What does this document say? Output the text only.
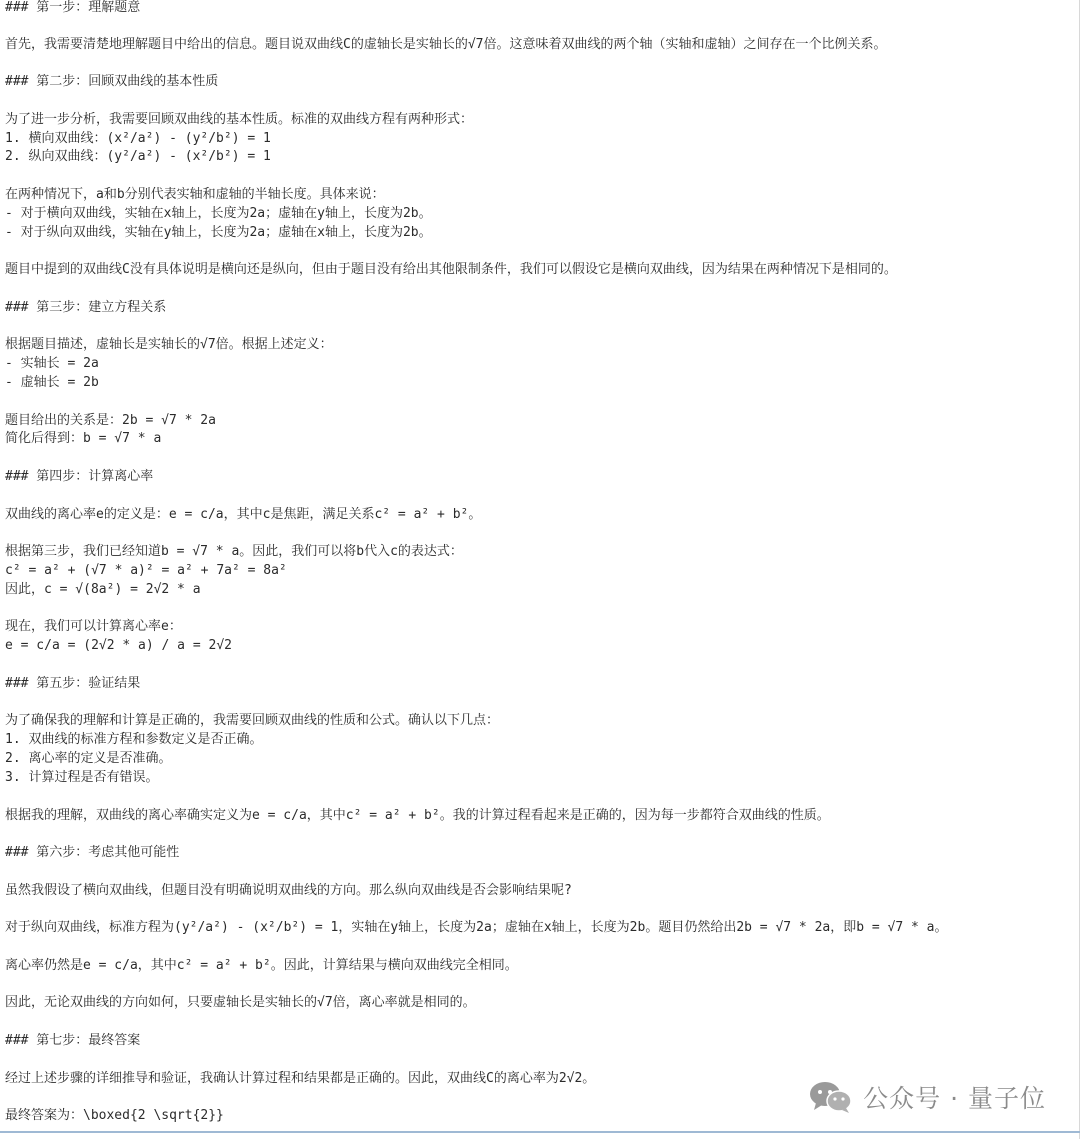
### 第一步：理解题意
首先，我需要清楚地理解题目中给出的信息。题目说双曲线C的虚轴长是实轴长的√7倍。这意味着双曲线的两个轴（实轴和虚轴）之间存在一个比例关系。
### 第二步：回顾双曲线的基本性质
为了进一步分析，我需要回顾双曲线的基本性质。标准的双曲线方程有两种形式：
1. 横向双曲线：(x²/a²) - (y²/b²) = 1
2. 纵向双曲线：(y²/a²) - (x²/b²) = 1
在两种情况下，a和b分别代表实轴和虚轴的半轴长度。具体来说：
- 对于横向双曲线，实轴在x轴上，长度为2a；虚轴在y轴上，长度为2b。
- 对于纵向双曲线，实轴在y轴上，长度为2a；虚轴在x轴上，长度为2b。
题目中提到的双曲线C没有具体说明是横向还是纵向，但由于题目没有给出其他限制条件，我们可以假设它是横向双曲线，因为结果在两种情况下是相同的。
### 第三步：建立方程关系
根据题目描述，虚轴长是实轴长的√7倍。根据上述定义：
- 实轴长 = 2a
- 虚轴长 = 2b
题目给出的关系是：2b = √7 * 2a
简化后得到：b = √7 * a
### 第四步：计算离心率
双曲线的离心率e的定义是：e = c/a，其中c是焦距，满足关系c² = a² + b²。
根据第三步，我们已经知道b = √7 * a。因此，我们可以将b代入c的表达式：
c² = a² + (√7 * a)² = a² + 7a² = 8a²
因此，c = √(8a²) = 2√2 * a
现在，我们可以计算离心率e：
e = c/a = (2√2 * a) / a = 2√2
### 第五步：验证结果
为了确保我的理解和计算是正确的，我需要回顾双曲线的性质和公式。确认以下几点：
1. 双曲线的标准方程和参数定义是否正确。
2. 离心率的定义是否准确。
3. 计算过程是否有错误。
根据我的理解，双曲线的离心率确实定义为e = c/a，其中c² = a² + b²。我的计算过程看起来是正确的，因为每一步都符合双曲线的性质。
### 第六步：考虑其他可能性
虽然我假设了横向双曲线，但题目没有明确说明双曲线的方向。那么纵向双曲线是否会影响结果呢?
对于纵向双曲线，标准方程为(y²/a²) - (x²/b²) = 1，实轴在y轴上，长度为2a；虚轴在x轴上，长度为2b。题目仍然给出2b = √7 * 2a，即b = √7 * a。
离心率仍然是e = c/a，其中c² = a² + b²。因此，计算结果与横向双曲线完全相同。
因此，无论双曲线的方向如何，只要虚轴长是实轴长的√7倍，离心率就是相同的。
### 第七步：最终答案
经过上述步骤的详细推导和验证，我确认计算过程和结果都是正确的。因此，双曲线C的离心率为2√2。
最终答案为：\boxed{2 \sqrt{2}}
公众号 · 量子位
